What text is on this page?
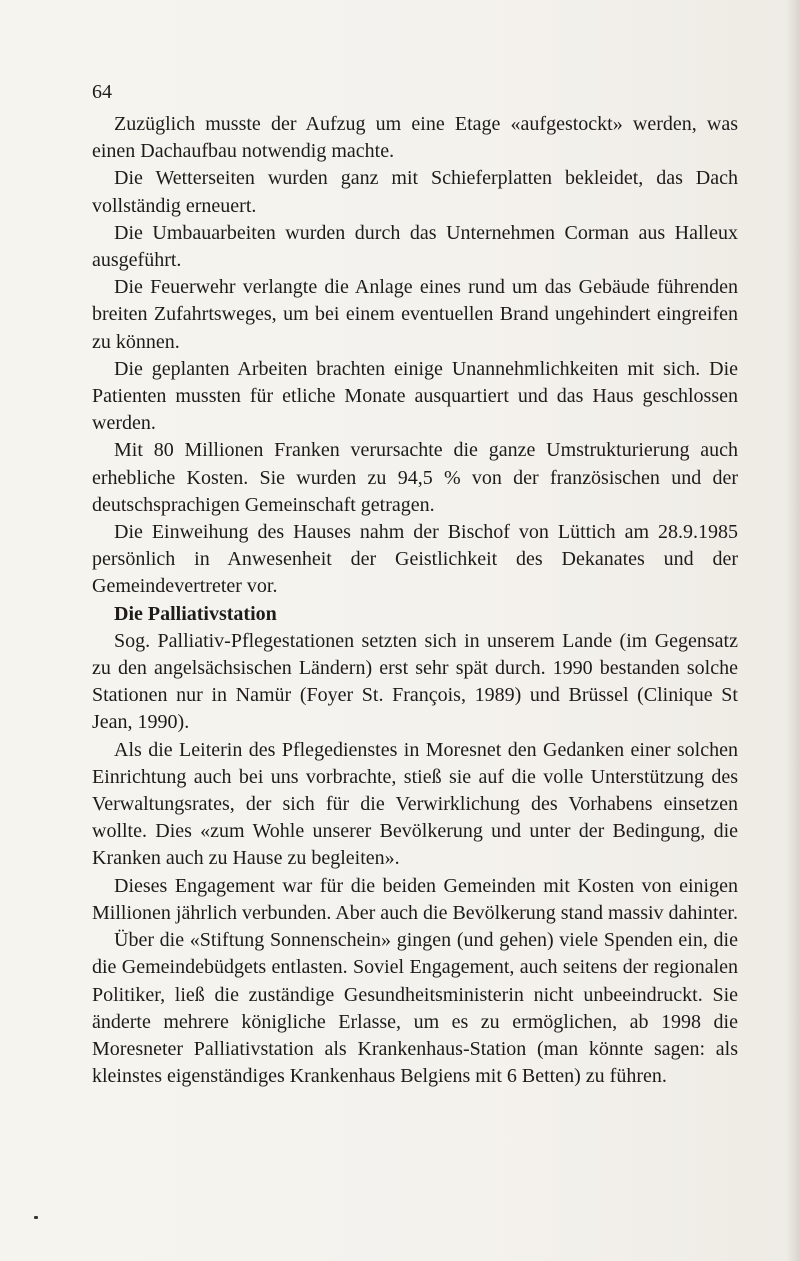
64

Zuzüglich musste der Aufzug um eine Etage «aufgestockt» werden, was einen Dachaufbau notwendig machte.

Die Wetterseiten wurden ganz mit Schieferplatten bekleidet, das Dach vollständig erneuert.

Die Umbauarbeiten wurden durch das Unternehmen Corman aus Halleux ausgeführt.

Die Feuerwehr verlangte die Anlage eines rund um das Gebäude führenden breiten Zufahrtsweges, um bei einem eventuellen Brand ungehindert eingreifen zu können.

Die geplanten Arbeiten brachten einige Unannehmlichkeiten mit sich. Die Patienten mussten für etliche Monate ausquartiert und das Haus geschlossen werden.

Mit 80 Millionen Franken verursachte die ganze Umstrukturierung auch erhebliche Kosten. Sie wurden zu 94,5 % von der französischen und der deutschsprachigen Gemeinschaft getragen.

Die Einweihung des Hauses nahm der Bischof von Lüttich am 28.9.1985 persönlich in Anwesenheit der Geistlichkeit des Dekanates und der Gemeindevertreter vor.

Die Palliativstation

Sog. Palliativ-Pflegestationen setzten sich in unserem Lande (im Gegensatz zu den angelsächsischen Ländern) erst sehr spät durch. 1990 bestanden solche Stationen nur in Namür (Foyer St. François, 1989) und Brüssel (Clinique St Jean, 1990).

Als die Leiterin des Pflegedienstes in Moresnet den Gedanken einer solchen Einrichtung auch bei uns vorbrachte, stieß sie auf die volle Unterstützung des Verwaltungsrates, der sich für die Verwirklichung des Vorhabens einsetzen wollte. Dies «zum Wohle unserer Bevölkerung und unter der Bedingung, die Kranken auch zu Hause zu begleiten».

Dieses Engagement war für die beiden Gemeinden mit Kosten von einigen Millionen jährlich verbunden. Aber auch die Bevölkerung stand massiv dahinter.

Über die «Stiftung Sonnenschein» gingen (und gehen) viele Spenden ein, die die Gemeindebüdgets entlasten. Soviel Engagement, auch seitens der regionalen Politiker, ließ die zuständige Gesundheitsministerin nicht unbeeindruckt. Sie änderte mehrere königliche Erlasse, um es zu ermöglichen, ab 1998 die Moresneter Palliativstation als Krankenhaus-Station (man könnte sagen: als kleinstes eigenständiges Krankenhaus Belgiens mit 6 Betten) zu führen.
